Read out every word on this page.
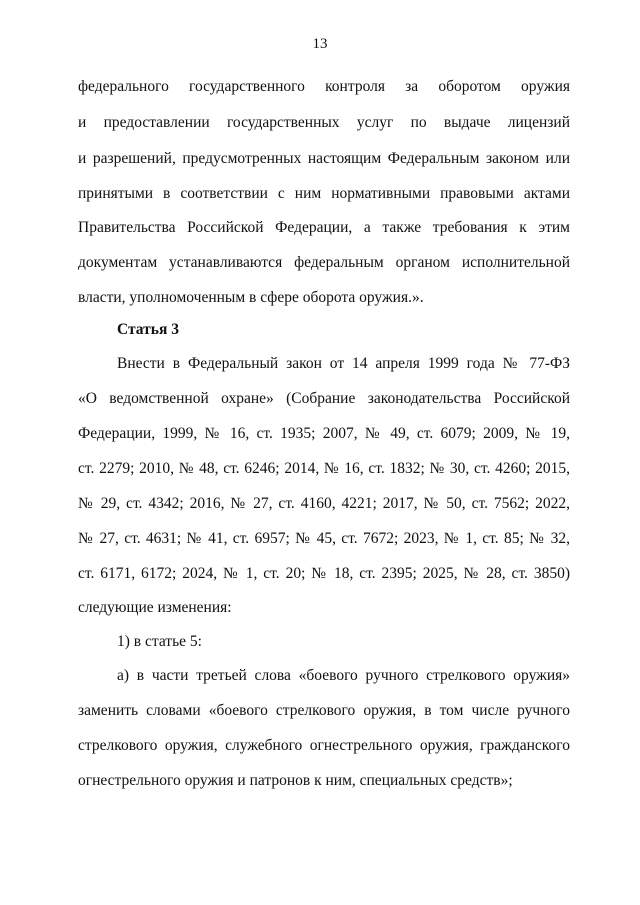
13
федерального государственного контроля за оборотом оружия
и предоставлении государственных услуг по выдаче лицензий
и разрешений, предусмотренных настоящим Федеральным законом или
принятыми в соответствии с ним нормативными правовыми актами
Правительства Российской Федерации, а также требования к этим
документам устанавливаются федеральным органом исполнительной
власти, уполномоченным в сфере оборота оружия.».
Статья 3
Внести в Федеральный закон от 14 апреля 1999 года № 77-ФЗ
«О ведомственной охране» (Собрание законодательства Российской
Федерации, 1999, № 16, ст. 1935; 2007, № 49, ст. 6079; 2009, № 19,
ст. 2279; 2010, № 48, ст. 6246; 2014, № 16, ст. 1832; № 30, ст. 4260; 2015,
№ 29, ст. 4342; 2016, № 27, ст. 4160, 4221; 2017, № 50, ст. 7562; 2022,
№ 27, ст. 4631; № 41, ст. 6957; № 45, ст. 7672; 2023, № 1, ст. 85; № 32,
ст. 6171, 6172; 2024, № 1, ст. 20; № 18, ст. 2395; 2025, № 28, ст. 3850)
следующие изменения:
1) в статье 5:
а) в части третьей слова «боевого ручного стрелкового оружия»
заменить словами «боевого стрелкового оружия, в том числе ручного
стрелкового оружия, служебного огнестрельного оружия, гражданского
огнестрельного оружия и патронов к ним, специальных средств»;
